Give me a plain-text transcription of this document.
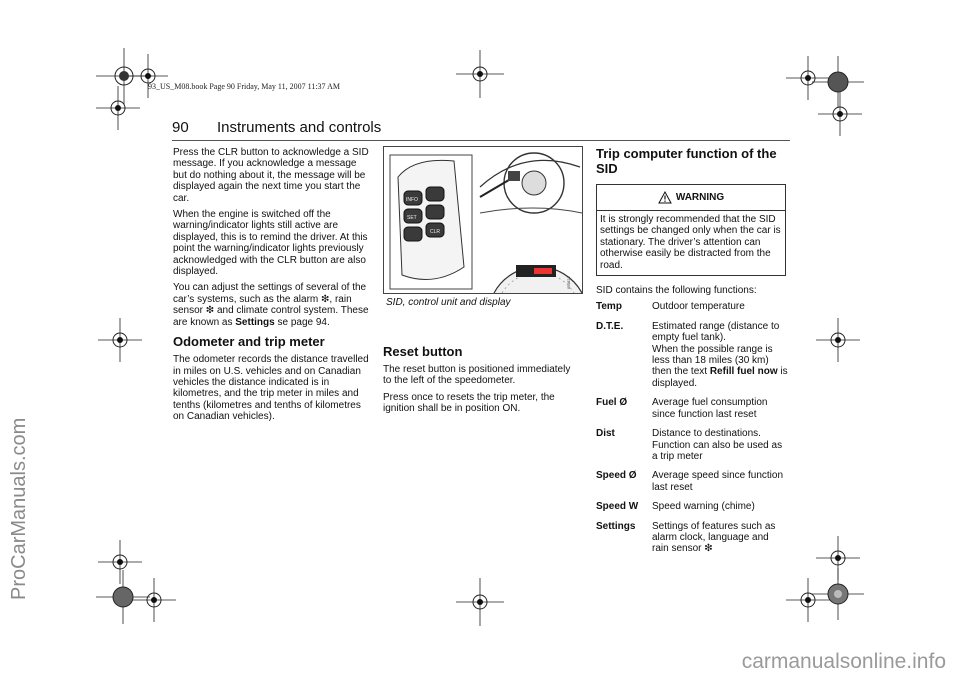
93_US_M08.book Page 90 Friday, May 11, 2007 11:37 AM
90 Instruments and controls

Press the CLR button to acknowledge a SID message. If you acknowledge a message but do nothing about it, the message will be displayed again the next time you start the car.

When the engine is switched off the warning/indicator lights still active are displayed, this is to remind the driver. At this point the warning/indicator lights previously acknowledged with the CLR button are also displayed.

You can adjust the settings of several of the car’s systems, such as the alarm ❇, rain sensor ❇ and climate control system. These are known as Settings se page 94.

Odometer and trip meter

The odometer records the distance travelled in miles on U.S. vehicles and on Canadian vehicles the distance indicated is in kilometres, and the trip meter in miles and tenths (kilometres and tenths of kilometres on Canadian vehicles).

INFO
SET
CLR
IB4821
SID, control unit and display
Reset button

The reset button is positioned immediately to the left of the speedometer.

Press once to resets the trip meter, the ignition shall be in position ON.

Trip computer function of the SID
WARNING
It is strongly recommended that the SID settings be changed only when the car is stationary. The driver’s attention can otherwise easily be distracted from the road.

SID contains the following functions:

Temp	Outdoor temperature
D.T.E.	Estimated range (distance to empty fuel tank).
When the possible range is less than 18 miles (30 km) then the text Refill fuel now is displayed.
Fuel Ø	Average fuel consumption since function last reset
Dist	Distance to destinations. Function can also be used as a trip meter
Speed Ø	Average speed since function last reset
Speed W	Speed warning (chime)
Settings	Settings of features such as alarm clock, language and rain sensor ❇
ProCarManuals.com
carmanualsonline.info
